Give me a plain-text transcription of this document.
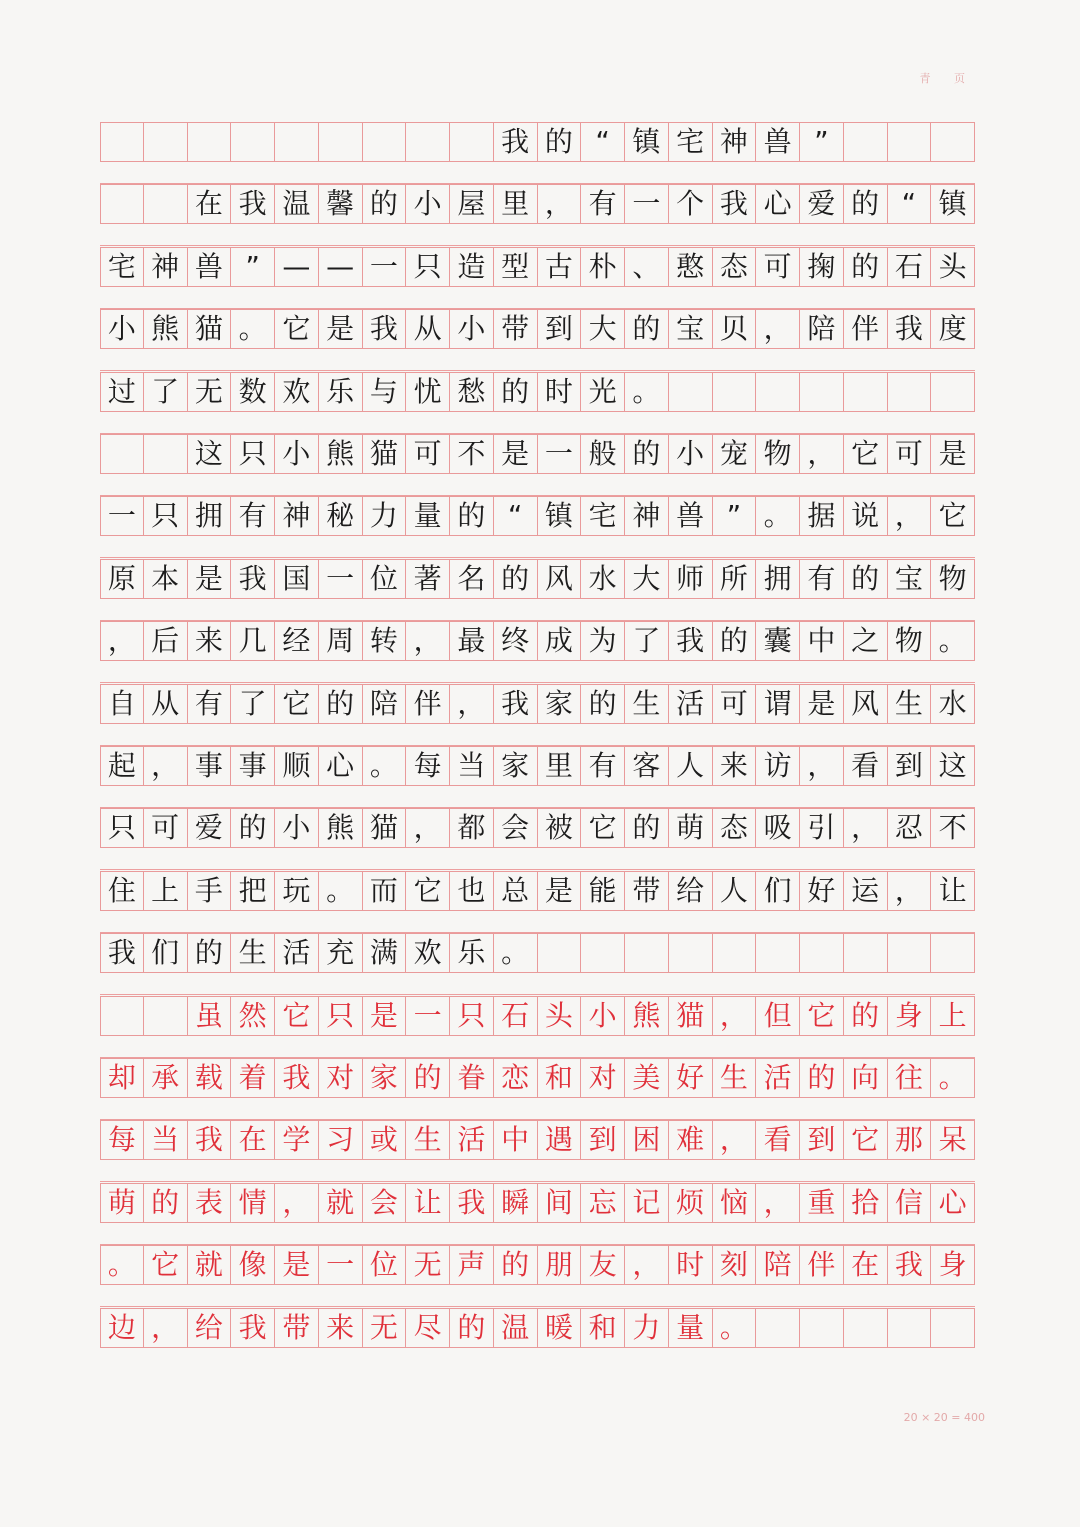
青 页
我 的 “ 镇 宅 神 兽 ”
在 我 温 馨 的 小 屋 里 ， 有 一 个 我 心 爱 的 “ 镇
宅 神 兽 ” — — 一 只 造 型 古 朴 、 憨 态 可 掬 的 石 头
小 熊 猫 。 它 是 我 从 小 带 到 大 的 宝 贝 ， 陪 伴 我 度
过 了 无 数 欢 乐 与 忧 愁 的 时 光 。
这 只 小 熊 猫 可 不 是 一 般 的 小 宠 物 ， 它 可 是
一 只 拥 有 神 秘 力 量 的 “ 镇 宅 神 兽 ” 。 据 说 ， 它
原 本 是 我 国 一 位 著 名 的 风 水 大 师 所 拥 有 的 宝 物
， 后 来 几 经 周 转 ， 最 终 成 为 了 我 的 囊 中 之 物 。
自 从 有 了 它 的 陪 伴 ， 我 家 的 生 活 可 谓 是 风 生 水
起 ， 事 事 顺 心 。 每 当 家 里 有 客 人 来 访 ， 看 到 这
只 可 爱 的 小 熊 猫 ， 都 会 被 它 的 萌 态 吸 引 ， 忍 不
住 上 手 把 玩 。 而 它 也 总 是 能 带 给 人 们 好 运 ， 让
我 们 的 生 活 充 满 欢 乐 。
虽 然 它 只 是 一 只 石 头 小 熊 猫 ， 但 它 的 身 上
却 承 载 着 我 对 家 的 眷 恋 和 对 美 好 生 活 的 向 往 。
每 当 我 在 学 习 或 生 活 中 遇 到 困 难 ， 看 到 它 那 呆
萌 的 表 情 ， 就 会 让 我 瞬 间 忘 记 烦 恼 ， 重 拾 信 心
。 它 就 像 是 一 位 无 声 的 朋 友 ， 时 刻 陪 伴 在 我 身
边 ， 给 我 带 来 无 尽 的 温 暖 和 力 量 。
20 × 20 = 400
